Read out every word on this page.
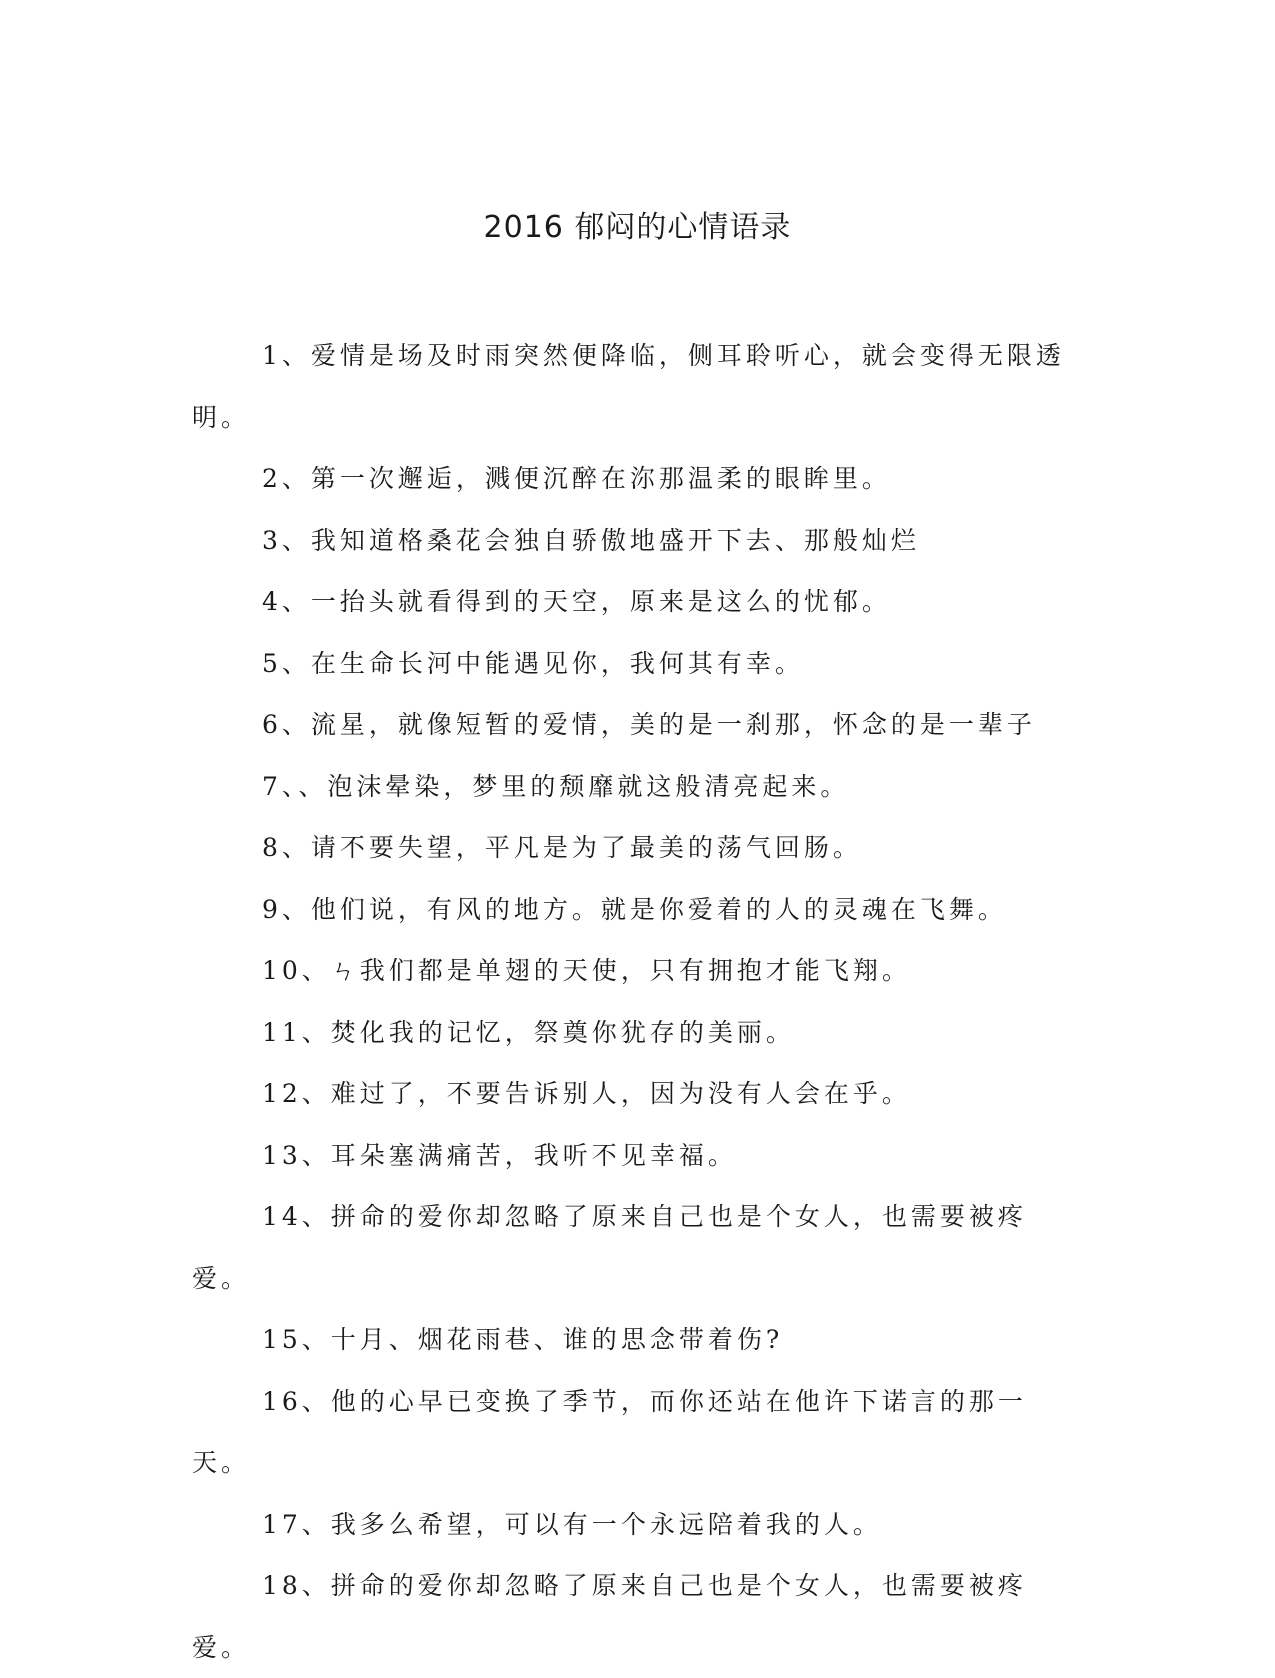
2016 郁闷的心情语录
1、爱情是场及时雨突然便降临，侧耳聆听心，就会变得无限透明。
2、第一次邂逅，溅便沉醉在沵那温柔的眼眸里。
3、我知道格桑花会独自骄傲地盛开下去、那般灿烂
4、一抬头就看得到的天空，原来是这么的忧郁。
5、在生命长河中能遇见你，我何其有幸。
6、流星，就像短暂的爱情，美的是一刹那，怀念的是一辈子
7、、泡沫晕染，梦里的颓靡就这般清亮起来。
8、请不要失望，平凡是为了最美的荡气回肠。
9、他们说，有风的地方。就是你爱着的人的灵魂在飞舞。
10、ㄣ我们都是单翅的天使，只有拥抱才能飞翔。
11、焚化我的记忆，祭奠你犹存的美丽。
12、难过了，不要告诉别人，因为没有人会在乎。
13、耳朵塞满痛苦，我听不见幸福。
14、拼命的爱你却忽略了原来自己也是个女人，也需要被疼爱。
15、十月、烟花雨巷、谁的思念带着伤?
16、他的心早已变换了季节，而你还站在他许下诺言的那一天。
17、我多么希望，可以有一个永远陪着我的人。
18、拼命的爱你却忽略了原来自己也是个女人，也需要被疼爱。
